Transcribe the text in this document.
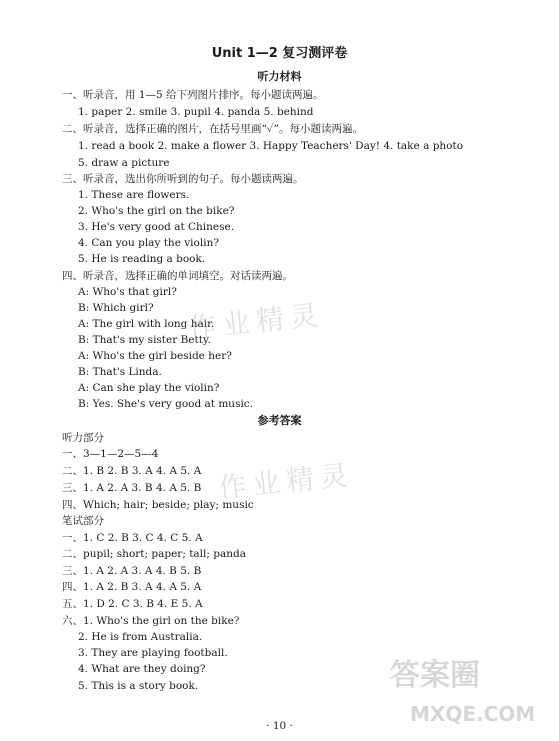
Unit 1—2 复习测评卷
听力材料
一、听录音，用 1—5 给下列图片排序。每小题读两遍。
1. paper 2. smile 3. pupil 4. panda 5. behind
二、听录音，选择正确的图片，在括号里画“✓”。每小题读两遍。
1. read a book 2. make a flower 3. Happy Teachers' Day! 4. take a photo
5. draw a picture
三、听录音，选出你所听到的句子。每小题读两遍。
1. These are flowers.
2. Who's the girl on the bike?
3. He's very good at Chinese.
4. Can you play the violin?
5. He is reading a book.
四、听录音，选择正确的单词填空。对话读两遍。
A: Who's that girl?
B: Which girl?
A: The girl with long hair.
B: That's my sister Betty.
A: Who's the girl beside her?
B: That's Linda.
A: Can she play the violin?
B: Yes. She's very good at music.
参考答案
听力部分
一、3—1—2—5—4
二、1. B 2. B 3. A 4. A 5. A
三、1. A 2. A 3. B 4. A 5. B
四、Which; hair; beside; play; music
笔试部分
一、1. C 2. B 3. C 4. C 5. A
二、pupil; short; paper; tall; panda
三、1. A 2. A 3. A 4. B 5. B
四、1. A 2. B 3. A 4. A 5. A
五、1. D 2. C 3. B 4. E 5. A
六、1. Who's the girl on the bike?
2. He is from Australia.
3. They are playing football.
4. What are they doing?
5. This is a story book.
作业精灵
作业精灵
答案圈
MXQE.COM
· 10 ·
